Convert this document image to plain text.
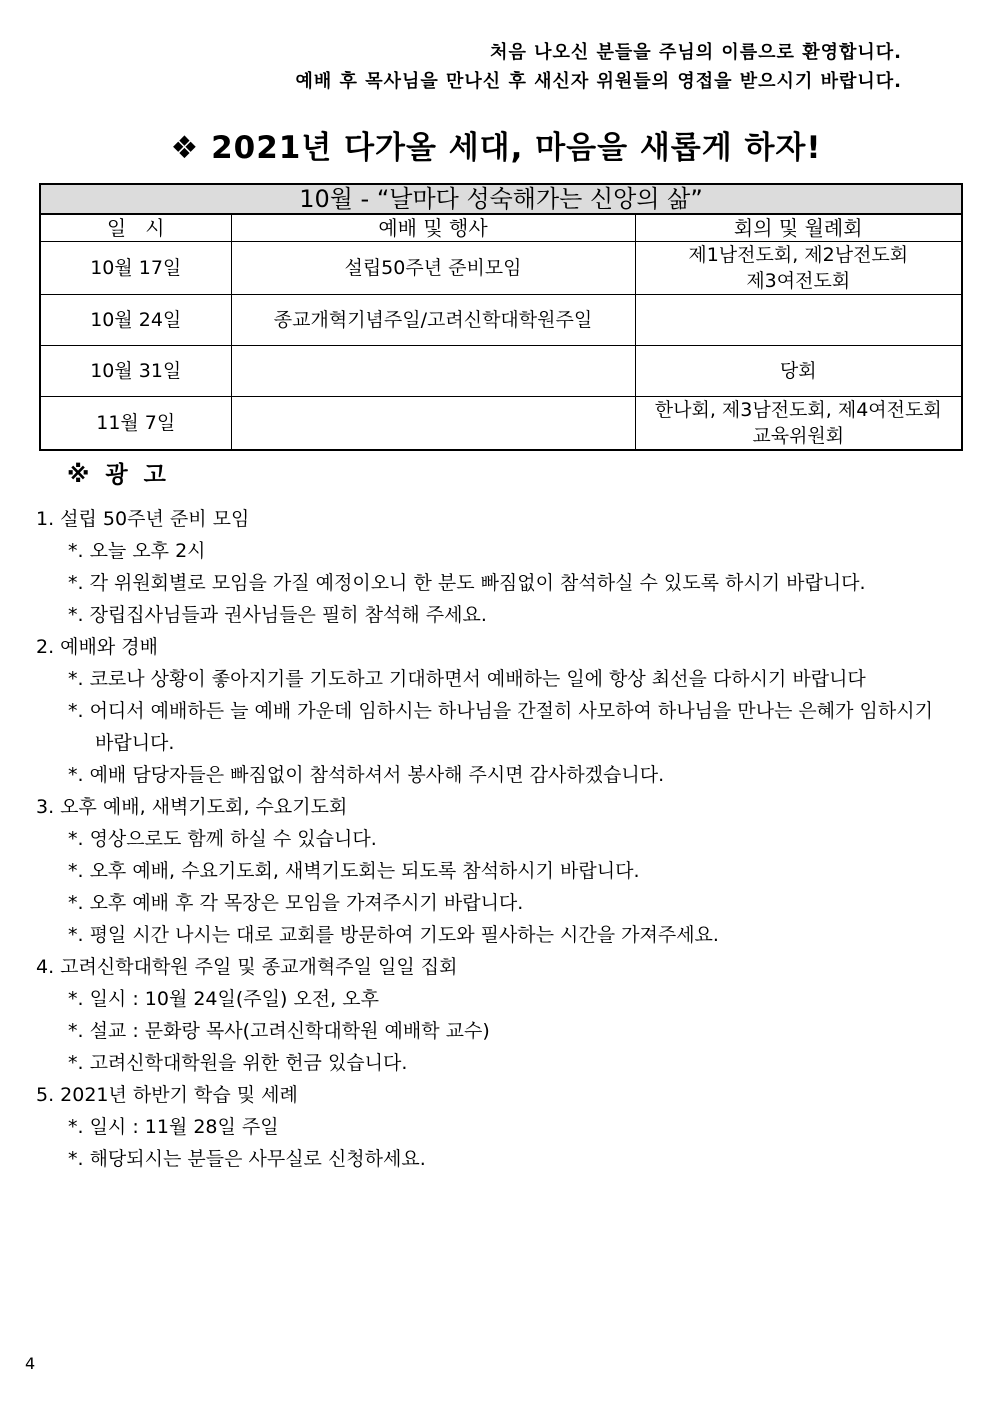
처음 나오신 분들을 주님의 이름으로 환영합니다.
예배 후 목사님을 만나신 후 새신자 위원들의 영접을 받으시기 바랍니다.
❖ 2021년 다가올 세대, 마음을 새롭게 하자!
10월 - “날마다 성숙해가는 신앙의 삶”		
일   시	예배 및 행사	회의 및 월례회
10월 17일	설립50주년 준비모임	제1남전도회, 제2남전도회
제3여전도회

10월 24일	종교개혁기념주일/고려신학대학원주일	

10월 31일		당회

11월 7일		한나회, 제3남전도회, 제4여전도회
교육위원회
※ 광 고
1. 설립 50주년 준비 모임
*. 오늘 오후 2시
*. 각 위원회별로 모임을 가질 예정이오니 한 분도 빠짐없이 참석하실 수 있도록 하시기 바랍니다.
*. 장립집사님들과 권사님들은 필히 참석해 주세요.
2. 예배와 경배
*. 코로나 상황이 좋아지기를 기도하고 기대하면서 예배하는 일에 항상 최선을 다하시기 바랍니다
*. 어디서 예배하든 늘 예배 가운데 임하시는 하나님을 간절히 사모하여 하나님을 만나는 은혜가 임하시기 바랍니다.
*. 예배 담당자들은 빠짐없이 참석하셔서 봉사해 주시면 감사하겠습니다.
3. 오후 예배, 새벽기도회, 수요기도회
*. 영상으로도 함께 하실 수 있습니다.
*. 오후 예배, 수요기도회, 새벽기도회는 되도록 참석하시기 바랍니다.
*. 오후 예배 후 각 목장은 모임을 가져주시기 바랍니다.
*. 평일 시간 나시는 대로 교회를 방문하여 기도와 필사하는 시간을 가져주세요.
4. 고려신학대학원 주일 및 종교개혁주일 일일 집회
*. 일시 : 10월 24일(주일) 오전, 오후
*. 설교 : 문화랑 목사(고려신학대학원 예배학 교수)
*. 고려신학대학원을 위한 헌금 있습니다.
5. 2021년 하반기 학습 및 세례
*. 일시 : 11월 28일 주일
*. 해당되시는 분들은 사무실로 신청하세요.
4
